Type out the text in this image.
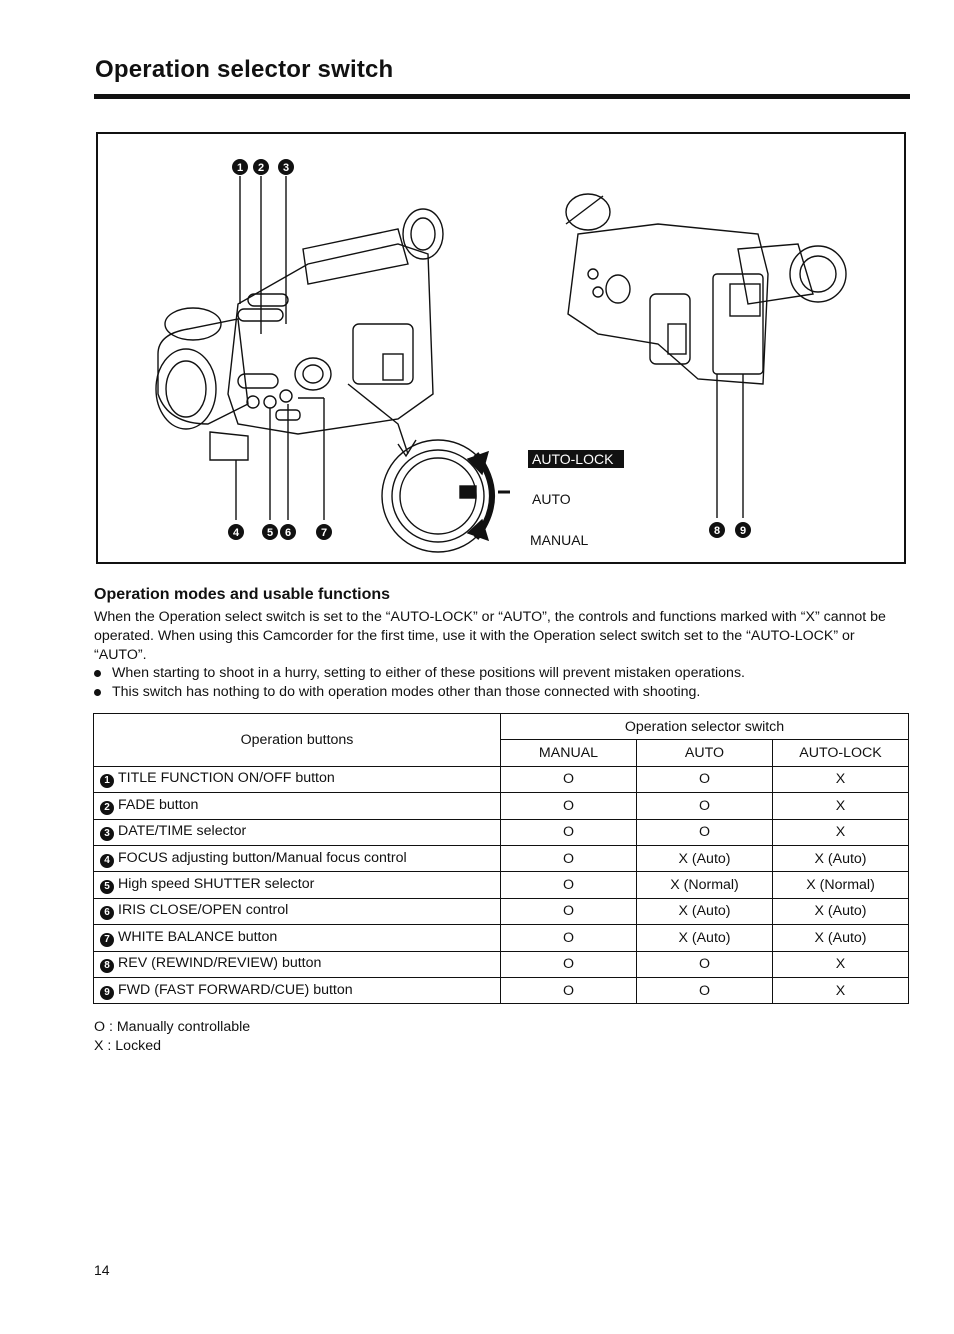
Operation selector switch
1 2 3
4	5 6	7	8 9
AUTO-LOCK
AUTO
MANUAL
Operation modes and usable functions
When the Operation select switch is set to the “AUTO-LOCK” or “AUTO”, the controls and functions marked with “X” cannot be operated. When using this Camcorder for the first time, use it with the Operation select switch set to the “AUTO-LOCK” or “AUTO”.
When starting to shoot in a hurry, setting to either of these positions will prevent mistaken operations.
This switch has nothing to do with operation modes other than those connected with shooting.
Operation buttons	Operation selector switch		
	MANUAL	AUTO	AUTO-LOCK
1 TITLE FUNCTION ON/OFF button	O	O	X
2 FADE button	O	O	X
3 DATE/TIME selector	O	O	X
4 FOCUS adjusting button/Manual focus control	O	X (Auto)	X (Auto)
5 High speed SHUTTER selector	O	X (Normal)	X (Normal)
6 IRIS CLOSE/OPEN control	O	X (Auto)	X (Auto)
7 WHITE BALANCE button	O	X (Auto)	X (Auto)
8 REV (REWIND/REVIEW) button	O	O	X
9 FWD (FAST FORWARD/CUE) button	O	O	X
O : Manually controllable
X : Locked
14
